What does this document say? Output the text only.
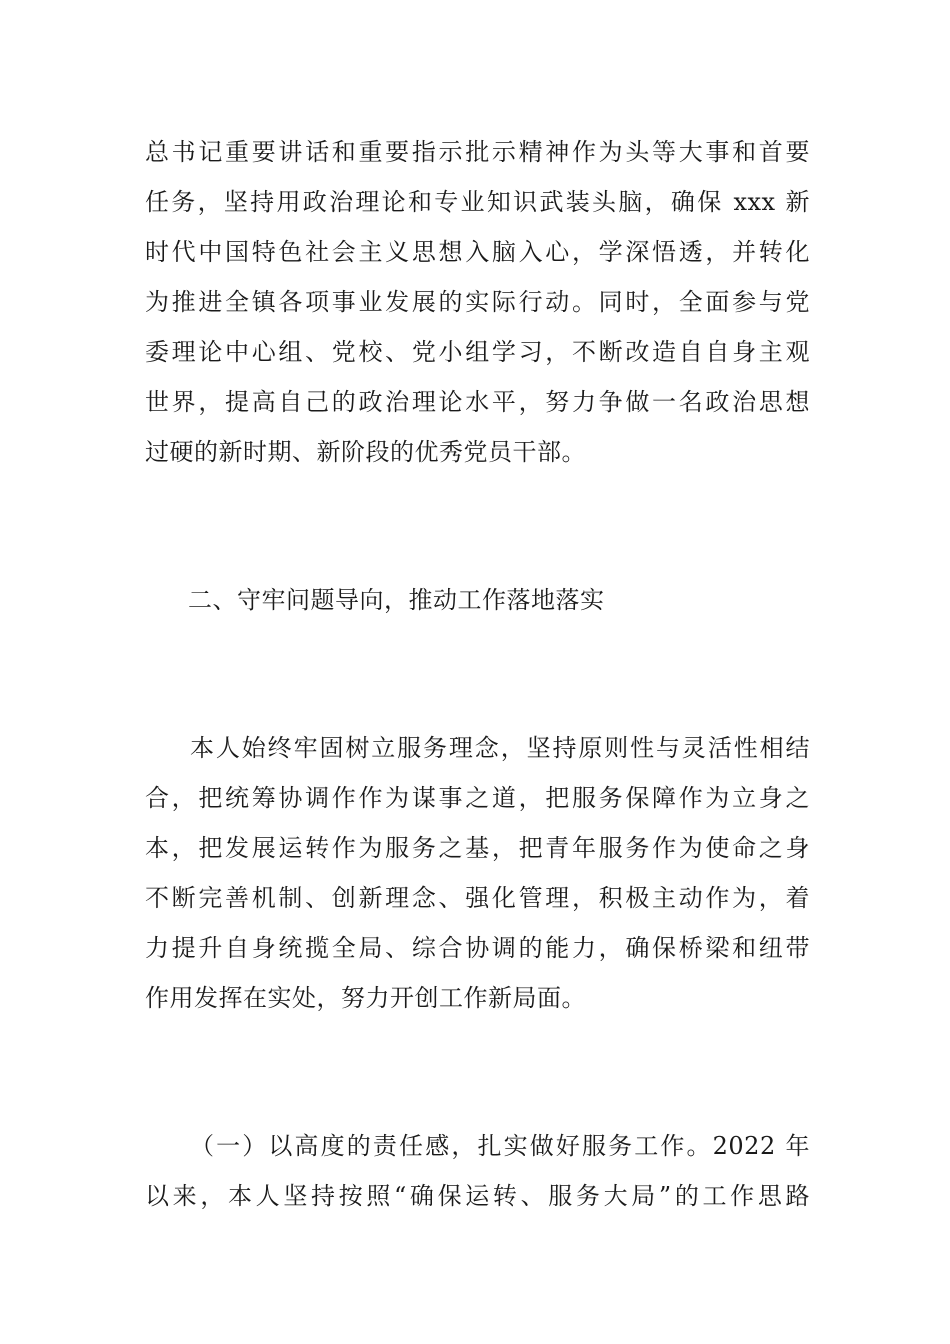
总书记重要讲话和重要指示批示精神作为头等大事和首要
任务，坚持用政治理论和专业知识武装头脑，确保 xxx 新
时代中国特色社会主义思想入脑入心，学深悟透，并转化
为推进全镇各项事业发展的实际行动。同时，全面参与党
委理论中心组、党校、党小组学习，不断改造自自身主观
世界，提高自己的政治理论水平，努力争做一名政治思想
过硬的新时期、新阶段的优秀党员干部。
二、守牢问题导向，推动工作落地落实
本人始终牢固树立服务理念，坚持原则性与灵活性相结
合，把统筹协调作作为谋事之道，把服务保障作为立身之
本，把发展运转作为服务之基，把青年服务作为使命之身
不断完善机制、创新理念、强化管理，积极主动作为，着
力提升自身统揽全局、综合协调的能力，确保桥梁和纽带
作用发挥在实处，努力开创工作新局面。
（一）以高度的责任感，扎实做好服务工作。2022 年
以来，本人坚持按照“确保运转、服务大局”的工作思路
